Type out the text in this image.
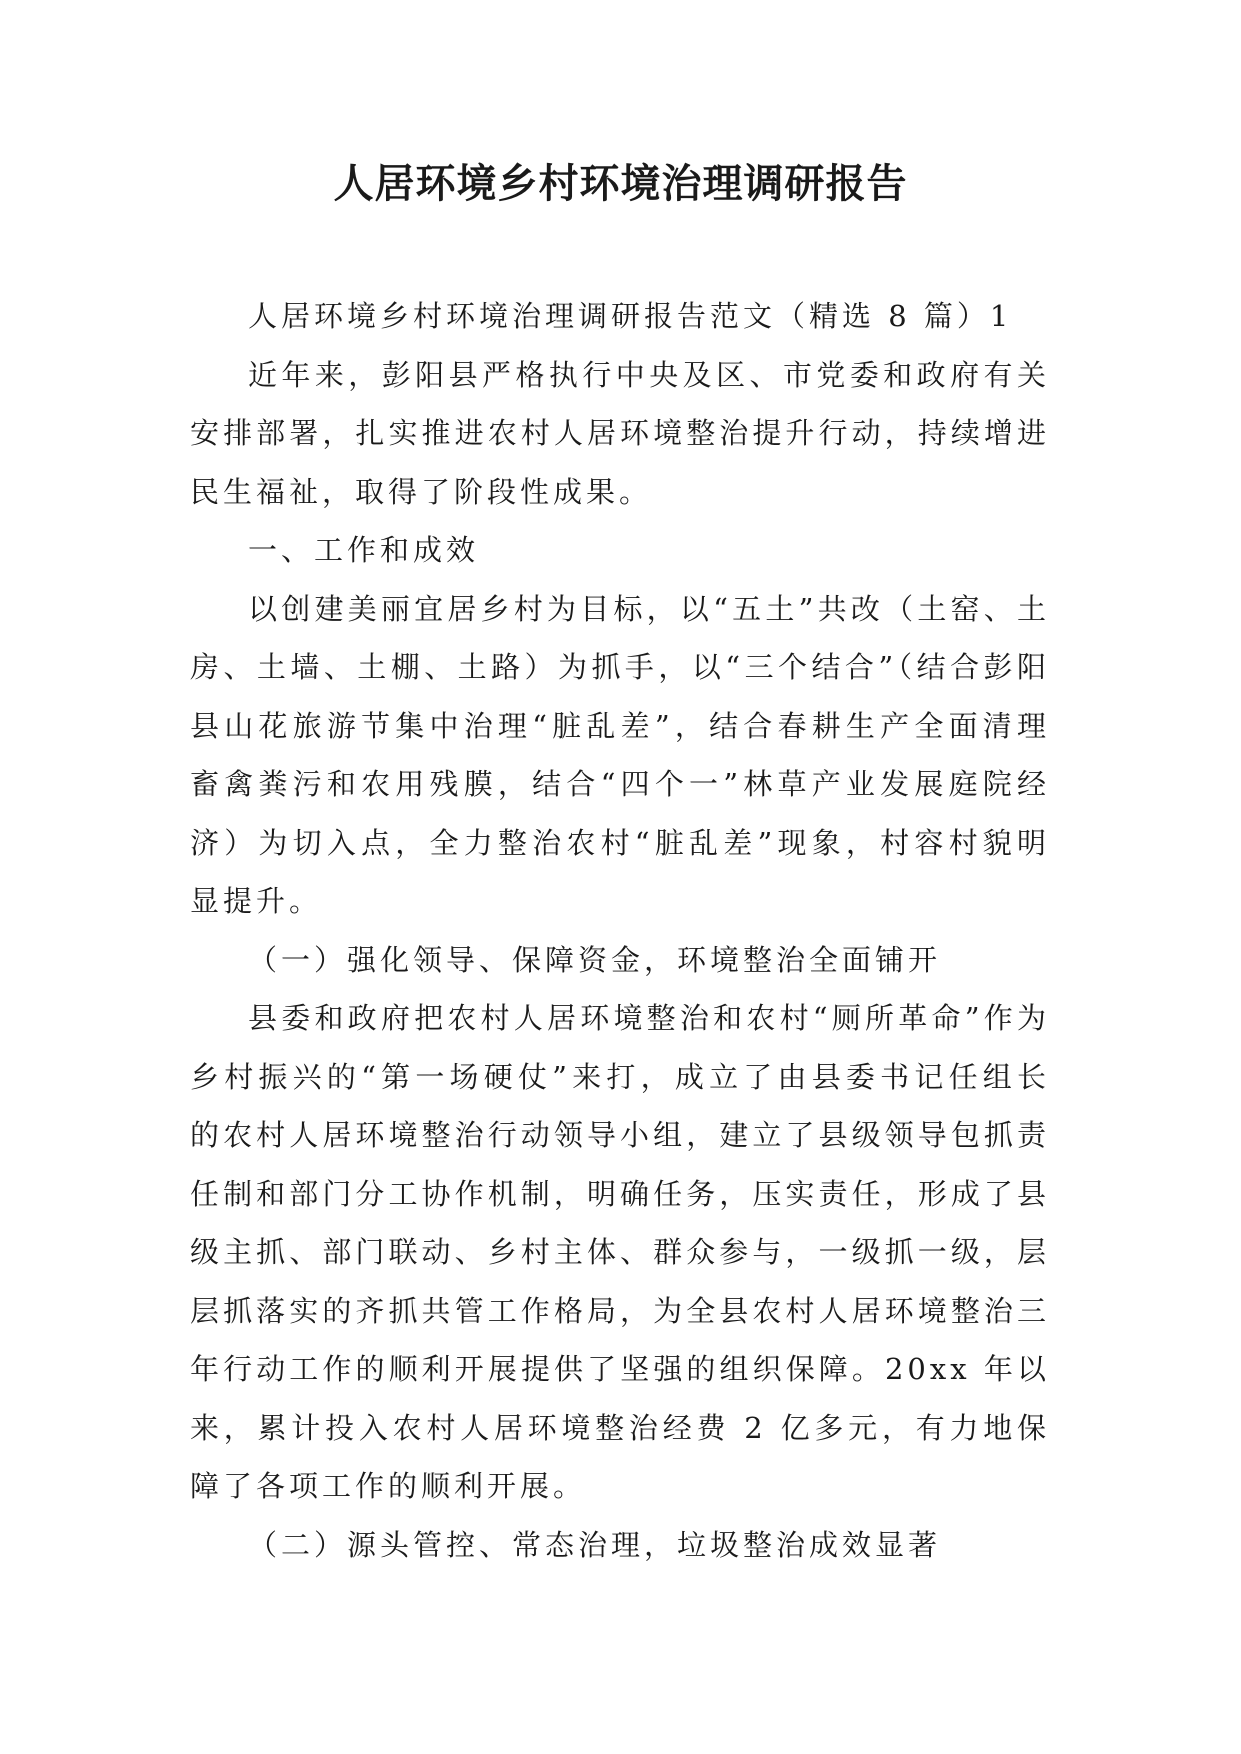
人居环境乡村环境治理调研报告

人居环境乡村环境治理调研报告范文（精选 8 篇）1

近年来，彭阳县严格执行中央及区、市党委和政府有关安排部署，扎实推进农村人居环境整治提升行动，持续增进民生福祉，取得了阶段性成果。

一、工作和成效

以创建美丽宜居乡村为目标，以“五土”共改（土窑、土房、土墙、土棚、土路）为抓手，以“三个结合”（结合彭阳县山花旅游节集中治理“脏乱差”，结合春耕生产全面清理畜禽粪污和农用残膜，结合“四个一”林草产业发展庭院经济）为切入点，全力整治农村“脏乱差”现象，村容村貌明显提升。

（一）强化领导、保障资金，环境整治全面铺开

县委和政府把农村人居环境整治和农村“厕所革命”作为乡村振兴的“第一场硬仗”来打，成立了由县委书记任组长的农村人居环境整治行动领导小组，建立了县级领导包抓责任制和部门分工协作机制，明确任务，压实责任，形成了县级主抓、部门联动、乡村主体、群众参与，一级抓一级，层层抓落实的齐抓共管工作格局，为全县农村人居环境整治三年行动工作的顺利开展提供了坚强的组织保障。20xx 年以来，累计投入农村人居环境整治经费 2 亿多元，有力地保障了各项工作的顺利开展。

（二）源头管控、常态治理，垃圾整治成效显著
